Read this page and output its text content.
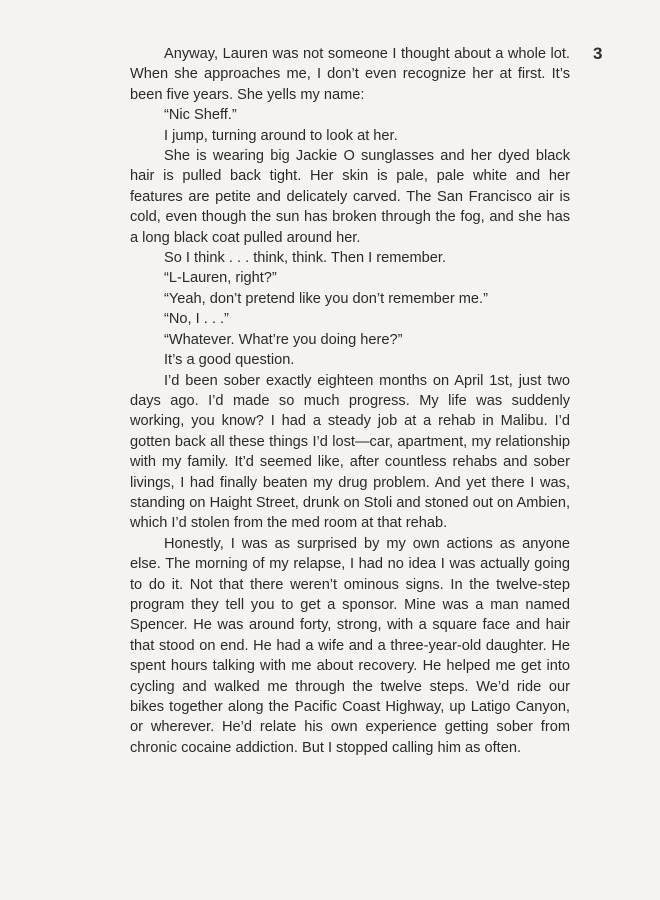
3

Anyway, Lauren was not someone I thought about a whole lot. When she approaches me, I don’t even recognize her at first. It’s been five years. She yells my name:

“Nic Sheff.”

I jump, turning around to look at her.

She is wearing big Jackie O sunglasses and her dyed black hair is pulled back tight. Her skin is pale, pale white and her features are petite and delicately carved. The San Francisco air is cold, even though the sun has broken through the fog, and she has a long black coat pulled around her.

So I think . . . think, think. Then I remember.

“L-Lauren, right?”

“Yeah, don’t pretend like you don’t remember me.”

“No, I . . .”

“Whatever. What’re you doing here?”

It’s a good question.

I’d been sober exactly eighteen months on April 1st, just two days ago. I’d made so much progress. My life was suddenly working, you know? I had a steady job at a rehab in Malibu. I’d gotten back all these things I’d lost—car, apartment, my relationship with my family. It’d seemed like, after countless rehabs and sober livings, I had finally beaten my drug problem. And yet there I was, standing on Haight Street, drunk on Stoli and stoned out on Ambien, which I’d stolen from the med room at that rehab.

Honestly, I was as surprised by my own actions as anyone else. The morning of my relapse, I had no idea I was actually going to do it. Not that there weren’t ominous signs. In the twelve-step program they tell you to get a sponsor. Mine was a man named Spencer. He was around forty, strong, with a square face and hair that stood on end. He had a wife and a three-year-old daughter. He spent hours talking with me about recovery. He helped me get into cycling and walked me through the twelve steps. We’d ride our bikes together along the Pacific Coast Highway, up Latigo Canyon, or wherever. He’d relate his own experience getting sober from chronic cocaine addiction. But I stopped calling him as often.
